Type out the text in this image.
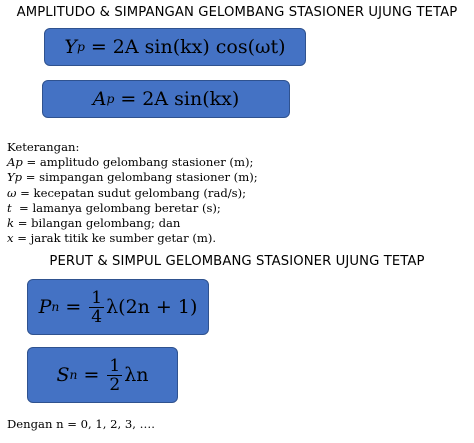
AMPLITUDO & SIMPANGAN GELOMBANG STASIONER UJUNG TETAP
Y p = 2A sin(kx) cos(ωt)
A p = 2A sin(kx)
Keterangan:
Ap = amplitudo gelombang stasioner (m);
Yp = simpangan gelombang stasioner (m);
ω = kecepatan sudut gelombang (rad/s);
t  = lamanya gelombang beretar (s);
k = bilangan gelombang; dan
x = jarak titik ke sumber getar (m).
PERUT & SIMPUL GELOMBANG STASIONER UJUNG TETAP
P $n = \frac{1}{4} \lambda(2n + 1)$
S $n = \frac{1}{2}$ λn
Dengan n = 0, 1, 2, 3, ….
